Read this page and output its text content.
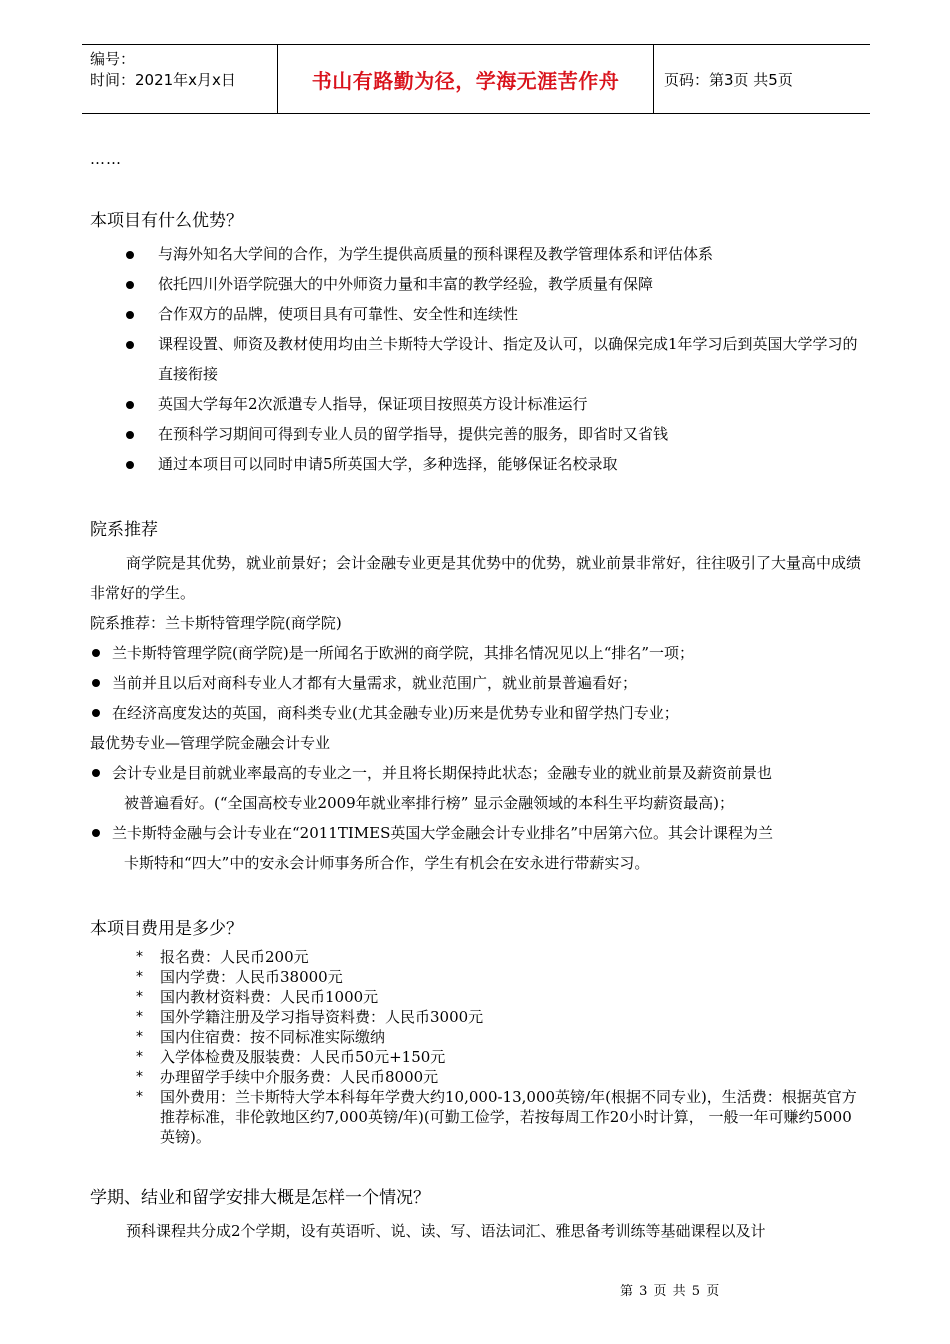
编号：
时间：2021年x月x日	书山有路勤为径，学海无涯苦作舟	页码：第3页 共5页
……
本项目有什么优势？
与海外知名大学间的合作，为学生提供高质量的预科课程及教学管理体系和评估体系
依托四川外语学院强大的中外师资力量和丰富的教学经验，教学质量有保障
合作双方的品牌，使项目具有可靠性、安全性和连续性
课程设置、师资及教材使用均由兰卡斯特大学设计、指定及认可，以确保完成1年学习后到英国大学学习的直接衔接
英国大学每年2次派遣专人指导，保证项目按照英方设计标准运行
在预科学习期间可得到专业人员的留学指导，提供完善的服务，即省时又省钱
通过本项目可以同时申请5所英国大学，多种选择，能够保证名校录取
院系推荐

商学院是其优势，就业前景好；会计金融专业更是其优势中的优势，就业前景非常好，往往吸引了大量高中成绩非常好的学生。

院系推荐：兰卡斯特管理学院(商学院)

兰卡斯特管理学院(商学院)是一所闻名于欧洲的商学院，其排名情况见以上“排名”一项；
当前并且以后对商科专业人才都有大量需求，就业范围广，就业前景普遍看好；
在经济高度发达的英国，商科类专业(尤其金融专业)历来是优势专业和留学热门专业；

最优势专业—管理学院金融会计专业

会计专业是目前就业率最高的专业之一，并且将长期保持此状态；金融专业的就业前景及薪资前景也
被普遍看好。(“全国高校专业2009年就业率排行榜” 显示金融领域的本科生平均薪资最高)；
兰卡斯特金融与会计专业在“2011TIMES英国大学金融会计专业排名”中居第六位。其会计课程为兰
卡斯特和“四大”中的安永会计师事务所合作，学生有机会在安永进行带薪实习。
本项目费用是多少？
* 报名费：人民币200元
* 国内学费：人民币38000元
* 国内教材资料费：人民币1000元
* 国外学籍注册及学习指导资料费：人民币3000元
* 国内住宿费：按不同标准实际缴纳
* 入学体检费及服装费：人民币50元+150元
* 办理留学手续中介服务费：人民币8000元
* 国外费用：兰卡斯特大学本科每年学费大约10,000-13,000英镑/年(根据不同专业)，生活费：根据英官方推荐标准，非伦敦地区约7,000英镑/年)(可勤工俭学，若按每周工作20小时计算， 一般一年可赚约5000英镑)。
学期、结业和留学安排大概是怎样一个情况？

预科课程共分成2个学期，设有英语听、说、读、写、语法词汇、雅思备考训练等基础课程以及计

第 3 页 共 5 页
